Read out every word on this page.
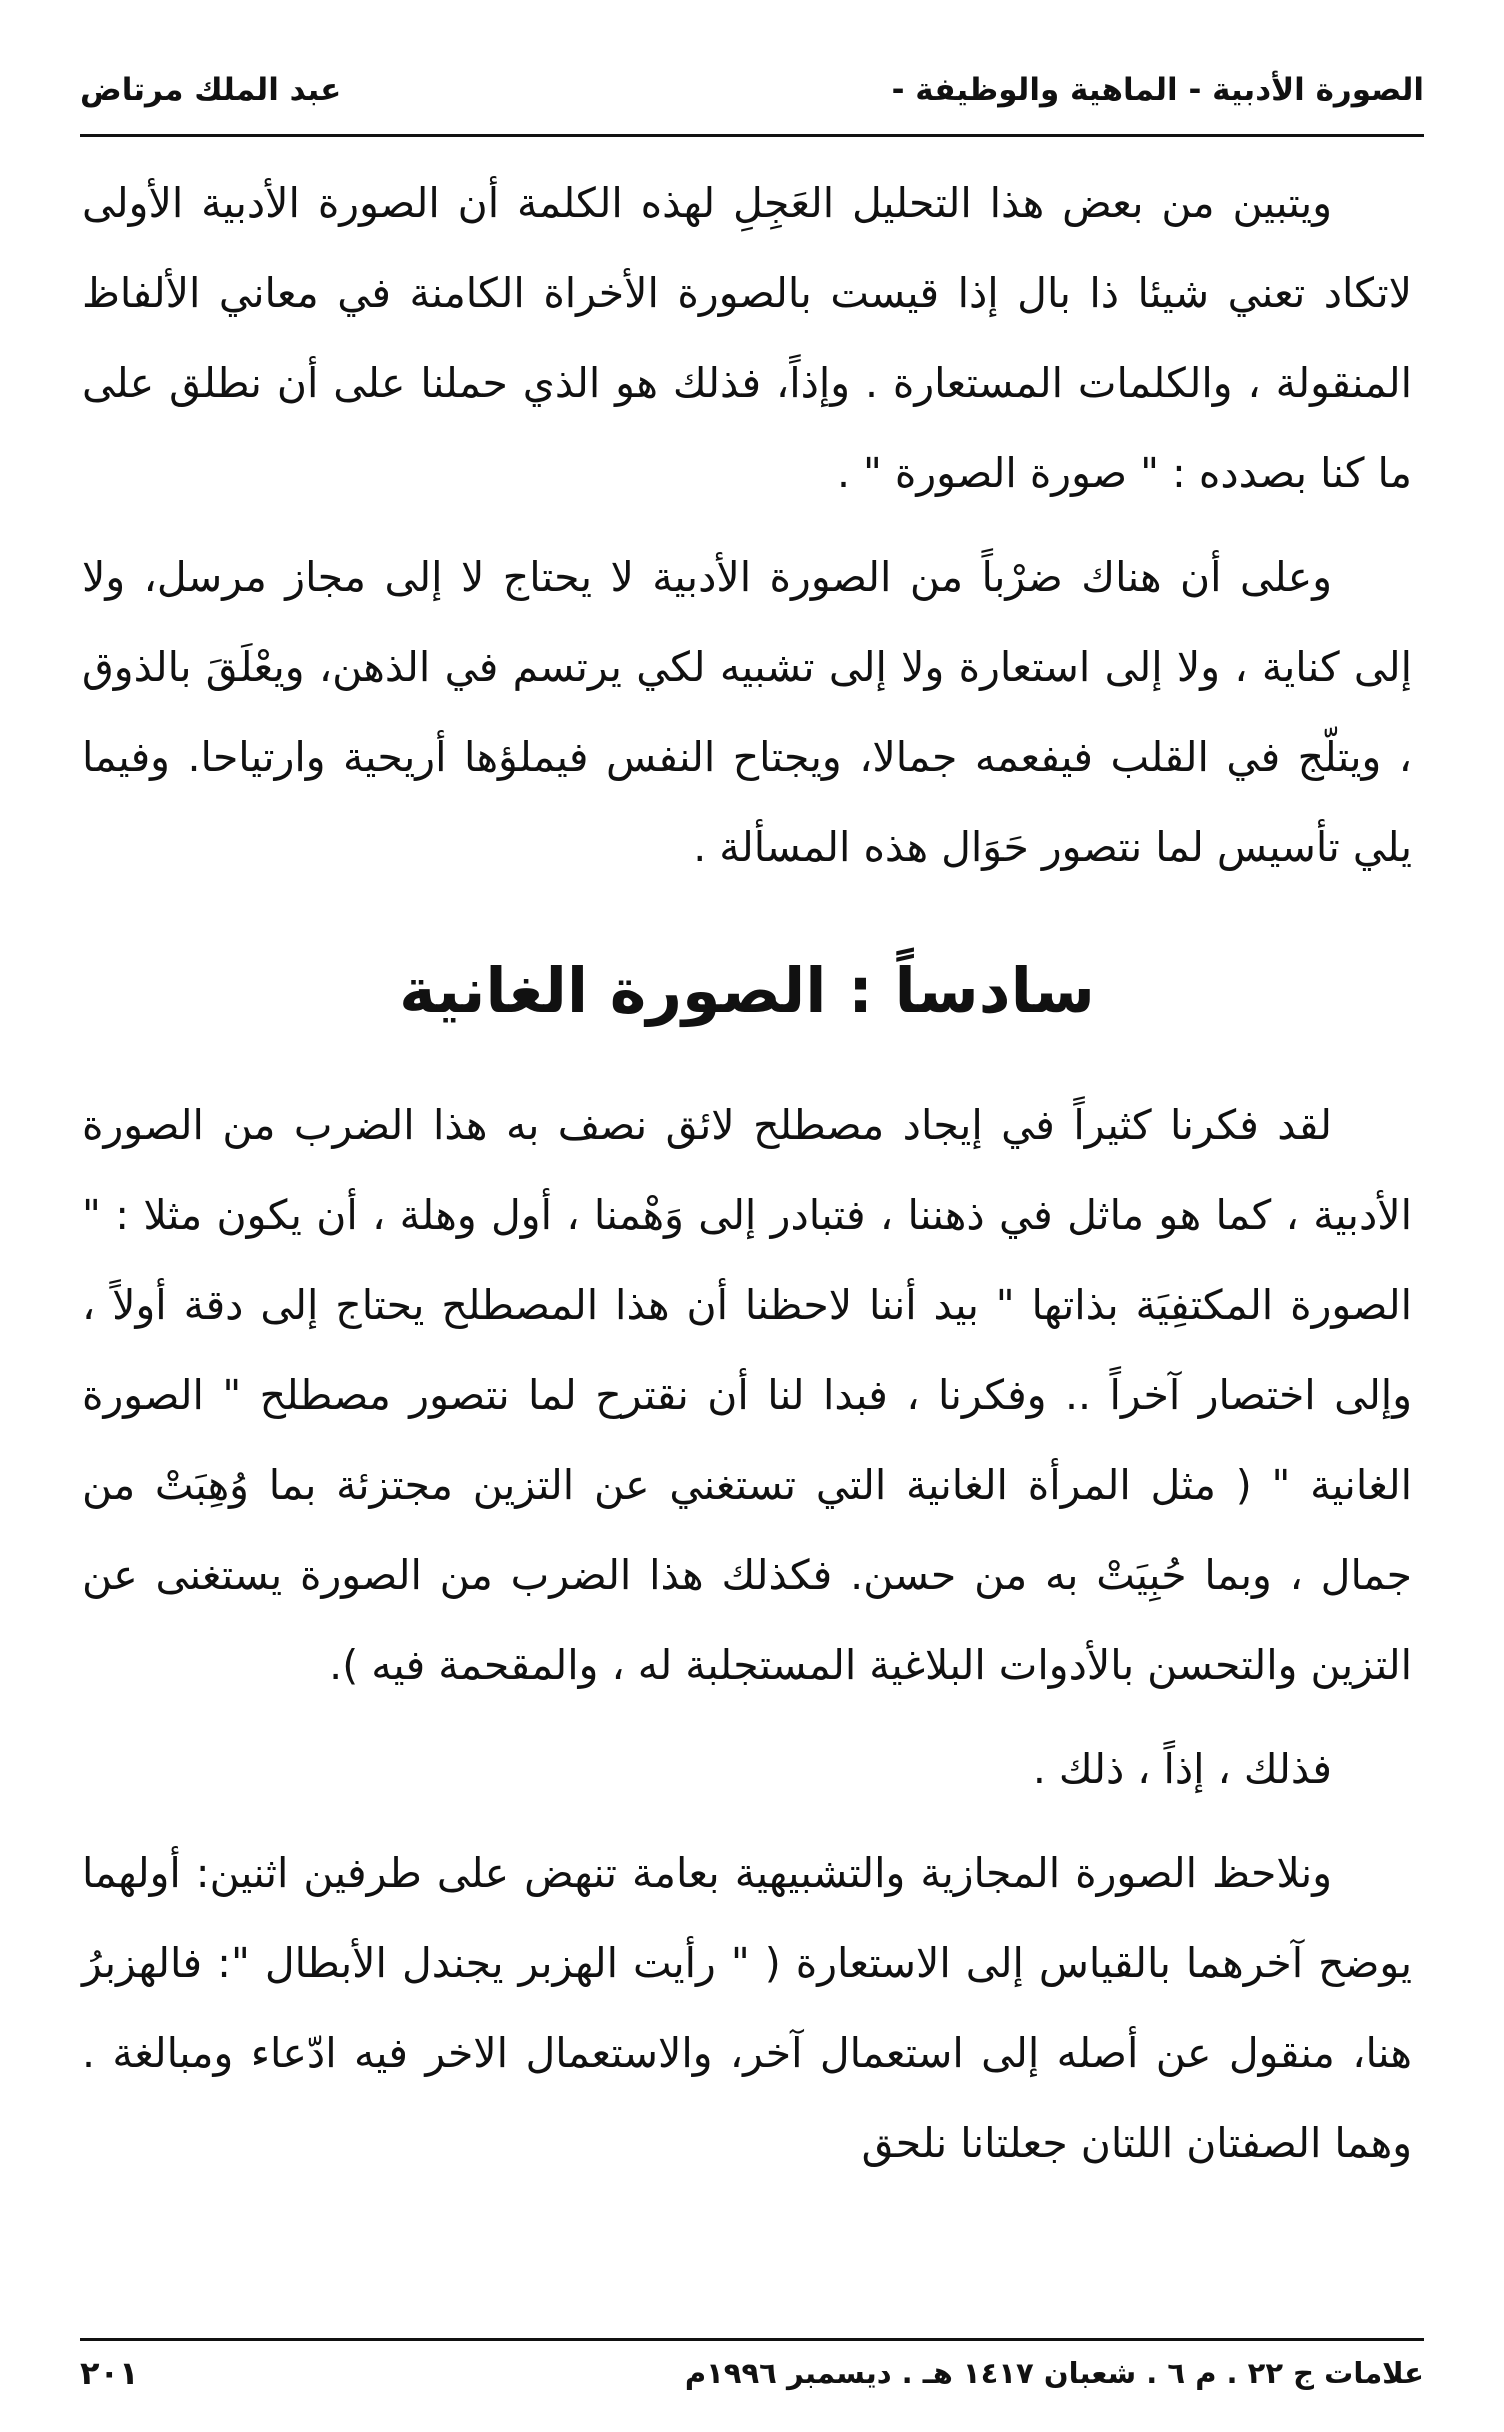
الصورة الأدبية - الماهية والوظيفة -
عبد الملك مرتاض

ويتبين من بعض هذا التحليل العَجِلِ لهذه الكلمة أن الصورة الأدبية الأولى لاتكاد تعني شيئا ذا بال إذا قيست بالصورة الأخراة الكامنة في معاني الألفاظ المنقولة ، والكلمات المستعارة . وإذاً، فذلك هو الذي حملنا على أن نطلق على ما كنا بصدده : " صورة الصورة " .

وعلى أن هناك ضرْباً من الصورة الأدبية لا يحتاج لا إلى مجاز مرسل، ولا إلى كناية ، ولا إلى استعارة ولا إلى تشبيه لكي يرتسم في الذهن، ويعْلَقَ بالذوق ، ويتلّج في القلب فيفعمه جمالا، ويجتاح النفس فيملؤها أريحية وارتياحا. وفيما يلي تأسيس لما نتصور حَوَال هذه المسألة .

سادساً : الصورة الغانية

لقد فكرنا كثيراً في إيجاد مصطلح لائق نصف به هذا الضرب من الصورة الأدبية ، كما هو ماثل في ذهننا ، فتبادر إلى وَهْمنا ، أول وهلة ، أن يكون مثلا : " الصورة المكتفِيَة بذاتها " بيد أننا لاحظنا أن هذا المصطلح يحتاج إلى دقة أولاً ، وإلى اختصار آخراً .. وفكرنا ، فبدا لنا أن نقترح لما نتصور مصطلح " الصورة الغانية " ( مثل المرأة الغانية التي تستغني عن التزين مجتزئة بما وُهِبَتْ من جمال ، وبما حُبِيَتْ به من حسن. فكذلك هذا الضرب من الصورة يستغنى عن التزين والتحسن بالأدوات البلاغية المستجلبة له ، والمقحمة فيه ).

فذلك ، إذاً ، ذلك .

ونلاحظ الصورة المجازية والتشبيهية بعامة تنهض على طرفين اثنين: أولهما يوضح آخرهما بالقياس إلى الاستعارة ( " رأيت الهزبر يجندل الأبطال ": فالهزبرُ هنا، منقول عن أصله إلى استعمال آخر، والاستعمال الاخر فيه ادّعاء ومبالغة . وهما الصفتان اللتان جعلتانا نلحق

علامات ج ٢٢ . م ٦ . شعبان ١٤١٧ هـ . ديسمبر ١٩٩٦م
٢٠١
